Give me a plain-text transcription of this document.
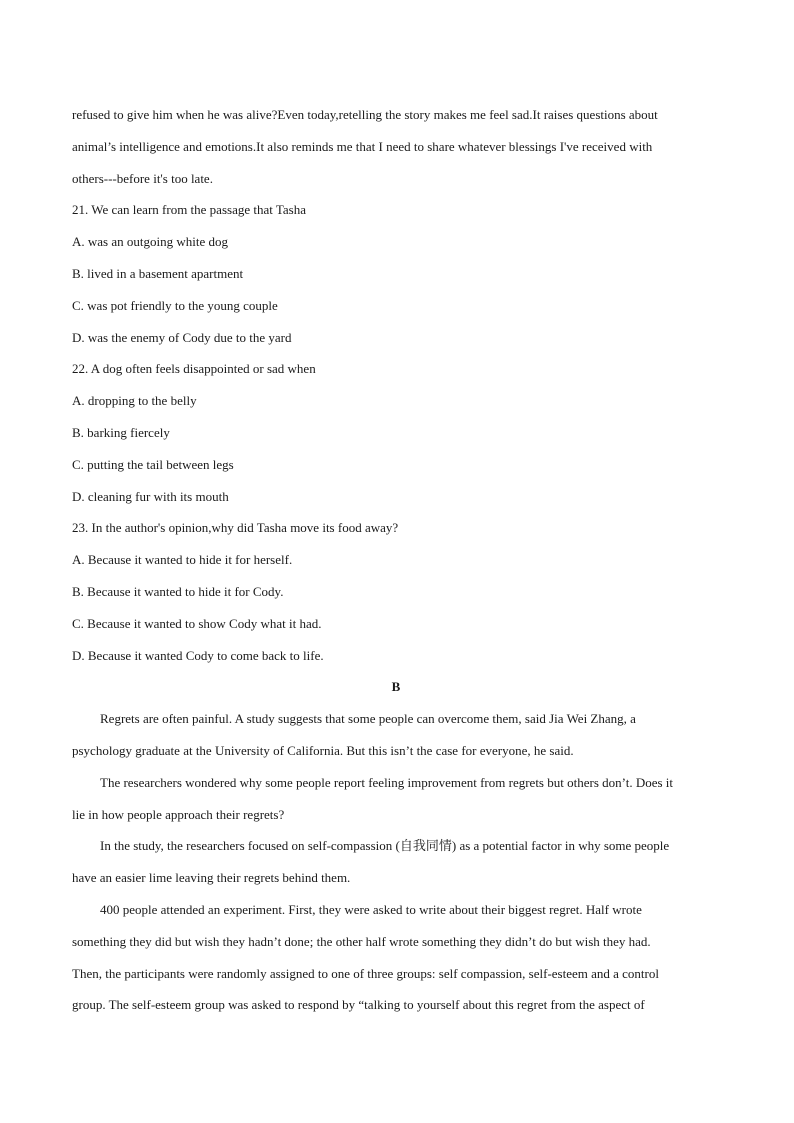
refused to give him when he was alive?Even today,retelling the story makes me feel sad.It raises questions about
animal’s intelligence and emotions.It also reminds me that I need to share whatever blessings I've received with
others---before it's too late.
21. We can learn from the passage that Tasha
A. was an outgoing white dog
B. lived in a basement apartment
C. was pot friendly to the young couple
D. was the enemy of Cody due to the yard
22. A dog often feels disappointed or sad when
A. dropping to the belly
B. barking fiercely
C. putting the tail between legs
D. cleaning fur with its mouth
23. In the author's opinion,why did Tasha move its food away?
A. Because it wanted to hide it for herself.
B. Because it wanted to hide it for Cody.
C. Because it wanted to show Cody what it had.
D. Because it wanted Cody to come back to life.
B
Regrets are often painful. A study suggests that some people can overcome them, said Jia Wei Zhang, a
psychology graduate at the University of California. But this isn’t the case for everyone, he said.
The researchers wondered why some people report feeling improvement from regrets but others don’t. Does it
lie in how people approach their regrets?
In the study, the researchers focused on self-compassion (自我同情) as a potential factor in why some people
have an easier lime leaving their regrets behind them.
400 people attended an experiment. First, they were asked to write about their biggest regret. Half wrote
something they did but wish they hadn’t done; the other half wrote something they didn’t do but wish they had.
Then, the participants were randomly assigned to one of three groups: self compassion, self-esteem and a control
group. The self-esteem group was asked to respond by “talking to yourself about this regret from the aspect of
